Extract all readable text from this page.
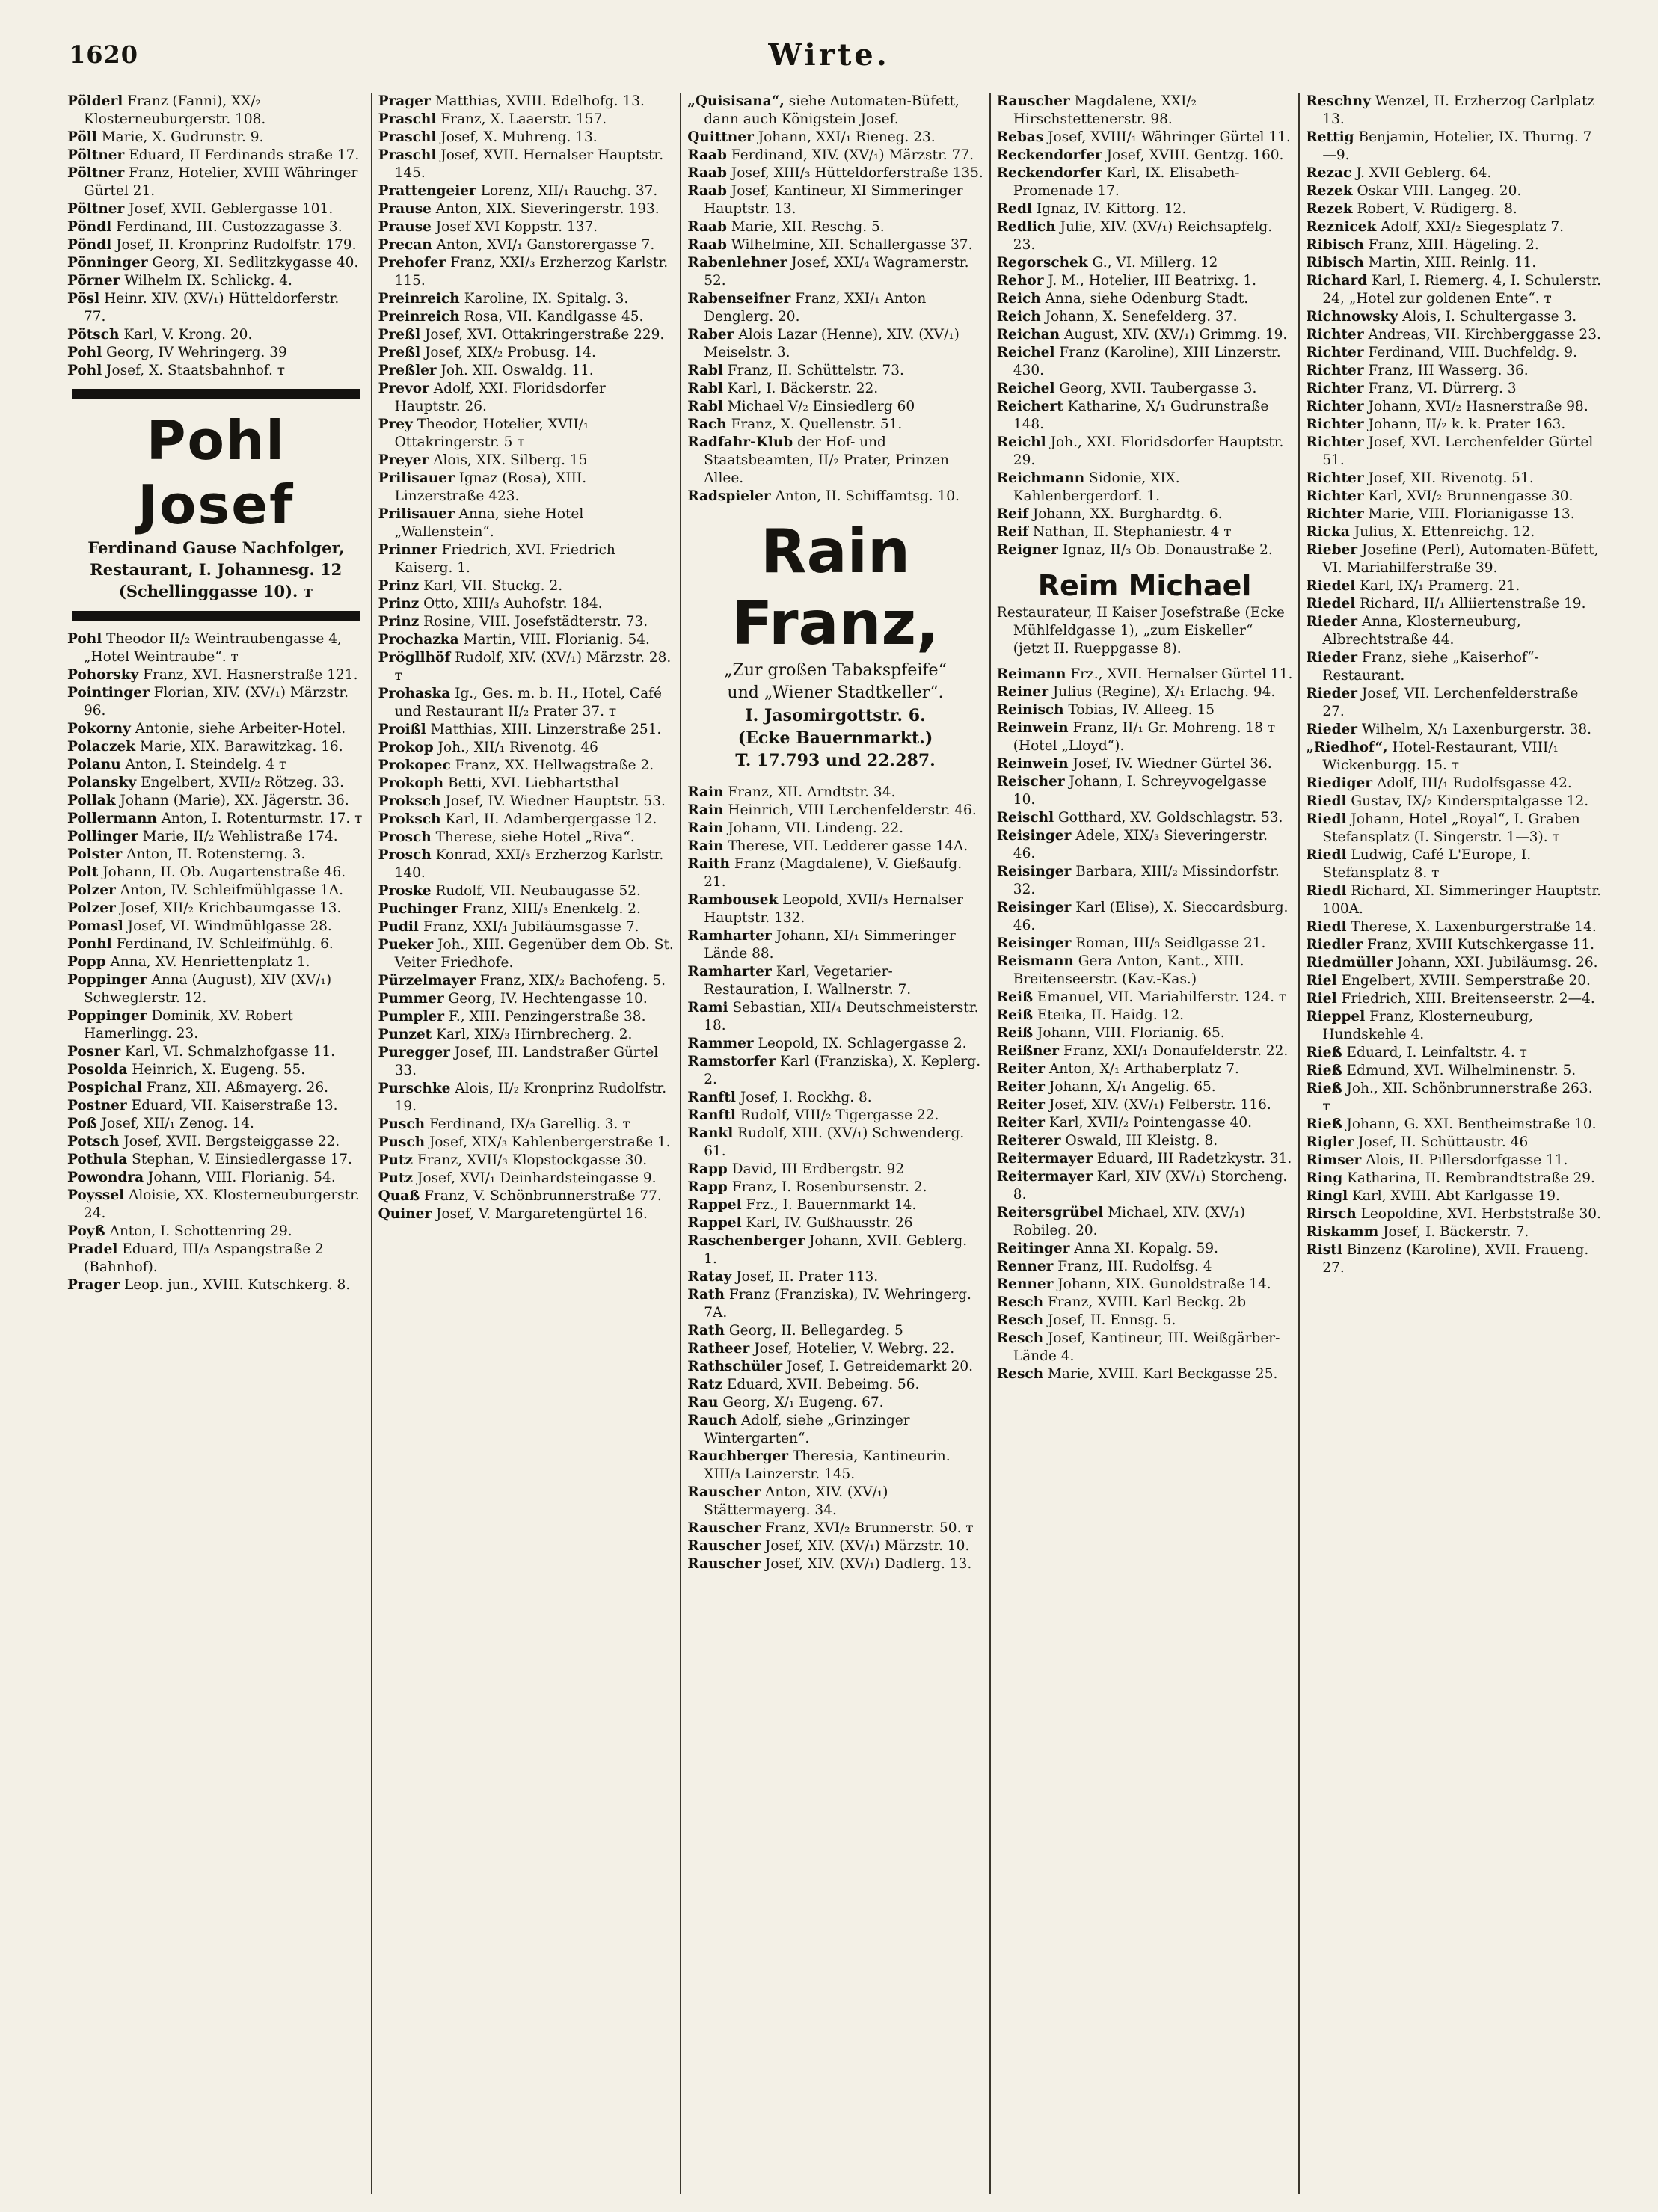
1620	Wirte.

Pölderl Franz (Fanni), XX/₂ Klosterneuburgerstr. 108.

Pöll Marie, X. Gudrunstr. 9.

Pöltner Eduard, II Ferdinands straße 17.

Pöltner Franz, Hotelier, XVIII Währinger Gürtel 21.

Pöltner Josef, XVII. Geblergasse 101.

Pöndl Ferdinand, III. Custozzagasse 3.

Pöndl Josef, II. Kronprinz Rudolfstr. 179.

Pönninger Georg, XI. Sedlitzkygasse 40.

Pörner Wilhelm IX. Schlickg. 4.

Pösl Heinr. XIV. (XV/₁) Hütteldorferstr. 77.

Pötsch Karl, V. Krong. 20.

Pohl Georg, IV Wehringerg. 39

Pohl Josef, X. Staatsbahnhof. ᴛ

Pohl Josef
Ferdinand Gause Nachfolger, Restaurant, I. Johannesg. 12 (Schellinggasse 10). ᴛ

Pohl Theodor II/₂ Weintraubengasse 4, „Hotel Weintraube“. ᴛ

Pohorsky Franz, XVI. Hasnerstraße 121.

Pointinger Florian, XIV. (XV/₁) Märzstr. 96.

Pokorny Antonie, siehe Arbeiter-Hotel.

Polaczek Marie, XIX. Barawitzkag. 16.

Polanu Anton, I. Steindelg. 4 ᴛ

Polansky Engelbert, XVII/₂ Rötzeg. 33.

Pollak Johann (Marie), XX. Jägerstr. 36.

Pollermann Anton, I. Rotenturmstr. 17. ᴛ

Pollinger Marie, II/₂ Wehlistraße 174.

Polster Anton, II. Rotensterng. 3.

Polt Johann, II. Ob. Augartenstraße 46.

Polzer Anton, IV. Schleifmühlgasse 1A.

Polzer Josef, XII/₂ Krichbaumgasse 13.

Pomasl Josef, VI. Windmühlgasse 28.

Ponhl Ferdinand, IV. Schleifmühlg. 6.

Popp Anna, XV. Henriettenplatz 1.

Poppinger Anna (August), XIV (XV/₁) Schweglerstr. 12.

Poppinger Dominik, XV. Robert Hamerlingg. 23.

Posner Karl, VI. Schmalzhofgasse 11.

Posolda Heinrich, X. Eugeng. 55.

Pospichal Franz, XII. Aßmayerg. 26.

Postner Eduard, VII. Kaiserstraße 13.

Poß Josef, XII/₁ Zenog. 14.

Potsch Josef, XVII. Bergsteiggasse 22.

Pothula Stephan, V. Einsiedlergasse 17.

Powondra Johann, VIII. Florianig. 54.

Poyssel Aloisie, XX. Klosterneuburgerstr. 24.

Poyß Anton, I. Schottenring 29.

Pradel Eduard, III/₃ Aspangstraße 2 (Bahnhof).

Prager Leop. jun., XVIII. Kutschkerg. 8.

Prager Matthias, XVIII. Edelhofg. 13.

Praschl Franz, X. Laaerstr. 157.

Praschl Josef, X. Muhreng. 13.

Praschl Josef, XVII. Hernalser Hauptstr. 145.

Prattengeier Lorenz, XII/₁ Rauchg. 37.

Prause Anton, XIX. Sieveringerstr. 193.

Prause Josef XVI Koppstr. 137.

Precan Anton, XVI/₁ Ganstorergasse 7.

Prehofer Franz, XXI/₃ Erzherzog Karlstr. 115.

Preinreich Karoline, IX. Spitalg. 3.

Preinreich Rosa, VII. Kandlgasse 45.

Preßl Josef, XVI. Ottakringerstraße 229.

Preßl Josef, XIX/₂ Probusg. 14.

Preßler Joh. XII. Oswaldg. 11.

Prevor Adolf, XXI. Floridsdorfer Hauptstr. 26.

Prey Theodor, Hotelier, XVII/₁ Ottakringerstr. 5 ᴛ

Preyer Alois, XIX. Silberg. 15

Prilisauer Ignaz (Rosa), XIII. Linzerstraße 423.

Prilisauer Anna, siehe Hotel „Wallenstein“.

Prinner Friedrich, XVI. Friedrich Kaiserg. 1.

Prinz Karl, VII. Stuckg. 2.

Prinz Otto, XIII/₃ Auhofstr. 184.

Prinz Rosine, VIII. Josefstädterstr. 73.

Prochazka Martin, VIII. Florianig. 54.

Prögllhöf Rudolf, XIV. (XV/₁) Märzstr. 28. ᴛ

Prohaska Ig., Ges. m. b. H., Hotel, Café und Restaurant II/₂ Prater 37. ᴛ

Proißl Matthias, XIII. Linzerstraße 251.

Prokop Joh., XII/₁ Rivenotg. 46

Prokopec Franz, XX. Hellwagstraße 2.

Prokoph Betti, XVI. Liebhartsthal

Proksch Josef, IV. Wiedner Hauptstr. 53.

Proksch Karl, II. Adambergergasse 12.

Prosch Therese, siehe Hotel „Riva“.

Prosch Konrad, XXI/₃ Erzherzog Karlstr. 140.

Proske Rudolf, VII. Neubaugasse 52.

Puchinger Franz, XIII/₃ Enenkelg. 2.

Pudil Franz, XXI/₁ Jubiläumsgasse 7.

Pueker Joh., XIII. Gegenüber dem Ob. St. Veiter Friedhofe.

Pürzelmayer Franz, XIX/₂ Bachofeng. 5.

Pummer Georg, IV. Hechtengasse 10.

Pumpler F., XIII. Penzingerstraße 38.

Punzet Karl, XIX/₃ Hirnbrecherg. 2.

Puregger Josef, III. Landstraßer Gürtel 33.

Purschke Alois, II/₂ Kronprinz Rudolfstr. 19.

Pusch Ferdinand, IX/₃ Garellig. 3. ᴛ

Pusch Josef, XIX/₃ Kahlenbergerstraße 1.

Putz Franz, XVII/₃ Klopstockgasse 30.

Putz Josef, XVI/₁ Deinhardsteingasse 9.

Quaß Franz, V. Schönbrunnerstraße 77.

Quiner Josef, V. Margaretengürtel 16.

„Quisisana“, siehe Automaten-Büfett, dann auch Königstein Josef.

Quittner Johann, XXI/₁ Rieneg. 23.

Raab Ferdinand, XIV. (XV/₁) Märzstr. 77.

Raab Josef, XIII/₃ Hütteldorferstraße 135.

Raab Josef, Kantineur, XI Simmeringer Hauptstr. 13.

Raab Marie, XII. Reschg. 5.

Raab Wilhelmine, XII. Schallergasse 37.

Rabenlehner Josef, XXI/₄ Wagramerstr. 52.

Rabenseifner Franz, XXI/₁ Anton Denglerg. 20.

Raber Alois Lazar (Henne), XIV. (XV/₁) Meiselstr. 3.

Rabl Franz, II. Schüttelstr. 73.

Rabl Karl, I. Bäckerstr. 22.

Rabl Michael V/₂ Einsiedlerg 60

Rach Franz, X. Quellenstr. 51.

Radfahr-Klub der Hof- und Staatsbeamten, II/₂ Prater, Prinzen Allee.

Radspieler Anton, II. Schiffamtsg. 10.

Rain Franz,
„Zur großen Tabakspfeife“
und „Wiener Stadtkeller“.
I. Jasomirgottstr. 6.
(Ecke Bauernmarkt.)
T. 17.793 und 22.287.

Rain Franz, XII. Arndtstr. 34.

Rain Heinrich, VIII Lerchenfelderstr. 46.

Rain Johann, VII. Lindeng. 22.

Rain Therese, VII. Ledderer gasse 14A.

Raith Franz (Magdalene), V. Gießaufg. 21.

Rambousek Leopold, XVII/₃ Hernalser Hauptstr. 132.

Ramharter Johann, XI/₁ Simmeringer Lände 88.

Ramharter Karl, Vegetarier-Restauration, I. Wallnerstr. 7.

Rami Sebastian, XII/₄ Deutschmeisterstr. 18.

Rammer Leopold, IX. Schlagergasse 2.

Ramstorfer Karl (Franziska), X. Keplerg. 2.

Ranftl Josef, I. Rockhg. 8.

Ranftl Rudolf, VIII/₂ Tigergasse 22.

Rankl Rudolf, XIII. (XV/₁) Schwenderg. 61.

Rapp David, III Erdbergstr. 92

Rapp Franz, I. Rosenbursenstr. 2.

Rappel Frz., I. Bauernmarkt 14.

Rappel Karl, IV. Gußhausstr. 26

Raschenberger Johann, XVII. Geblerg. 1.

Ratay Josef, II. Prater 113.

Rath Franz (Franziska), IV. Wehringerg. 7A.

Rath Georg, II. Bellegardeg. 5

Ratheer Josef, Hotelier, V. Webrg. 22.

Rathschüler Josef, I. Getreidemarkt 20.

Ratz Eduard, XVII. Bebeimg. 56.

Rau Georg, X/₁ Eugeng. 67.

Rauch Adolf, siehe „Grinzinger Wintergarten“.

Rauchberger Theresia, Kantineurin. XIII/₃ Lainzerstr. 145.

Rauscher Anton, XIV. (XV/₁) Stättermayerg. 34.

Rauscher Franz, XVI/₂ Brunnerstr. 50. ᴛ

Rauscher Josef, XIV. (XV/₁) Märzstr. 10.

Rauscher Josef, XIV. (XV/₁) Dadlerg. 13.

Rauscher Magdalene, XXI/₂ Hirschstettenerstr. 98.

Rebas Josef, XVIII/₁ Währinger Gürtel 11.

Reckendorfer Josef, XVIII. Gentzg. 160.

Reckendorfer Karl, IX. Elisabeth-Promenade 17.

Redl Ignaz, IV. Kittorg. 12.

Redlich Julie, XIV. (XV/₁) Reichsapfelg. 23.

Regorschek G., VI. Millerg. 12

Rehor J. M., Hotelier, III Beatrixg. 1.

Reich Anna, siehe Odenburg Stadt.

Reich Johann, X. Senefelderg. 37.

Reichan August, XIV. (XV/₁) Grimmg. 19.

Reichel Franz (Karoline), XIII Linzerstr. 430.

Reichel Georg, XVII. Taubergasse 3.

Reichert Katharine, X/₁ Gudrunstraße 148.

Reichl Joh., XXI. Floridsdorfer Hauptstr. 29.

Reichmann Sidonie, XIX. Kahlenbergerdorf. 1.

Reif Johann, XX. Burghardtg. 6.

Reif Nathan, II. Stephaniestr. 4 ᴛ

Reigner Ignaz, II/₃ Ob. Donaustraße 2.

Reim Michael
Restaurateur, II Kaiser Josefstraße (Ecke Mühlfeldgasse 1), „zum Eiskeller“ (jetzt II. Rueppgasse 8).

Reimann Frz., XVII. Hernalser Gürtel 11.

Reiner Julius (Regine), X/₁ Erlachg. 94.

Reinisch Tobias, IV. Alleeg. 15

Reinwein Franz, II/₁ Gr. Mohreng. 18 ᴛ (Hotel „Lloyd“).

Reinwein Josef, IV. Wiedner Gürtel 36.

Reischer Johann, I. Schreyvogelgasse 10.

Reischl Gotthard, XV. Goldschlagstr. 53.

Reisinger Adele, XIX/₃ Sieveringerstr. 46.

Reisinger Barbara, XIII/₂ Missindorfstr. 32.

Reisinger Karl (Elise), X. Sieccardsburg. 46.

Reisinger Roman, III/₃ Seidlgasse 21.

Reismann Gera Anton, Kant., XIII. Breitenseerstr. (Kav.-Kas.)

Reiß Emanuel, VII. Mariahilferstr. 124. ᴛ

Reiß Eteika, II. Haidg. 12.

Reiß Johann, VIII. Florianig. 65.

Reißner Franz, XXI/₁ Donaufelderstr. 22.

Reiter Anton, X/₁ Arthaberplatz 7.

Reiter Johann, X/₁ Angelig. 65.

Reiter Josef, XIV. (XV/₁) Felberstr. 116.

Reiter Karl, XVII/₂ Pointengasse 40.

Reiterer Oswald, III Kleistg. 8.

Reitermayer Eduard, III Radetzkystr. 31.

Reitermayer Karl, XIV (XV/₁) Storcheng. 8.

Reitersgrübel Michael, XIV. (XV/₁) Robileg. 20.

Reitinger Anna XI. Kopalg. 59.

Renner Franz, III. Rudolfsg. 4

Renner Johann, XIX. Gunoldstraße 14.

Resch Franz, XVIII. Karl Beckg. 2b

Resch Josef, II. Ennsg. 5.

Resch Josef, Kantineur, III. Weißgärber-Lände 4.

Resch Marie, XVIII. Karl Beckgasse 25.

Reschny Wenzel, II. Erzherzog Carlplatz 13.

Rettig Benjamin, Hotelier, IX. Thurng. 7—9.

Rezac J. XVII Geblerg. 64.

Rezek Oskar VIII. Langeg. 20.

Rezek Robert, V. Rüdigerg. 8.

Reznicek Adolf, XXI/₂ Siegesplatz 7.

Ribisch Franz, XIII. Hägeling. 2.

Ribisch Martin, XIII. Reinlg. 11.

Richard Karl, I. Riemerg. 4, I. Schulerstr. 24, „Hotel zur goldenen Ente“. ᴛ

Richnowsky Alois, I. Schultergasse 3.

Richter Andreas, VII. Kirchberggasse 23.

Richter Ferdinand, VIII. Buchfeldg. 9.

Richter Franz, III Wasserg. 36.

Richter Franz, VI. Dürrerg. 3

Richter Johann, XVI/₂ Hasnerstraße 98.

Richter Johann, II/₂ k. k. Prater 163.

Richter Josef, XVI. Lerchenfelder Gürtel 51.

Richter Josef, XII. Rivenotg. 51.

Richter Karl, XVI/₂ Brunnengasse 30.

Richter Marie, VIII. Florianigasse 13.

Ricka Julius, X. Ettenreichg. 12.

Rieber Josefine (Perl), Automaten-Büfett, VI. Mariahilferstraße 39.

Riedel Karl, IX/₁ Pramerg. 21.

Riedel Richard, II/₁ Alliiertenstraße 19.

Rieder Anna, Klosterneuburg, Albrechtstraße 44.

Rieder Franz, siehe „Kaiserhof“-Restaurant.

Rieder Josef, VII. Lerchenfelderstraße 27.

Rieder Wilhelm, X/₁ Laxenburgerstr. 38.

„Riedhof“, Hotel-Restaurant, VIII/₁ Wickenburgg. 15. ᴛ

Riediger Adolf, III/₁ Rudolfsgasse 42.

Riedl Gustav, IX/₂ Kinderspitalgasse 12.

Riedl Johann, Hotel „Royal“, I. Graben Stefansplatz (I. Singerstr. 1—3). ᴛ

Riedl Ludwig, Café L'Europe, I. Stefansplatz 8. ᴛ

Riedl Richard, XI. Simmeringer Hauptstr. 100A.

Riedl Therese, X. Laxenburgerstraße 14.

Riedler Franz, XVIII Kutschkergasse 11.

Riedmüller Johann, XXI. Jubiläumsg. 26.

Riel Engelbert, XVIII. Semperstraße 20.

Riel Friedrich, XIII. Breitenseerstr. 2—4.

Rieppel Franz, Klosterneuburg, Hundskehle 4.

Rieß Eduard, I. Leinfaltstr. 4. ᴛ

Rieß Edmund, XVI. Wilhelminenstr. 5.

Rieß Joh., XII. Schönbrunnerstraße 263. ᴛ

Rieß Johann, G. XXI. Bentheimstraße 10.

Rigler Josef, II. Schüttaustr. 46

Rimser Alois, II. Pillersdorfgasse 11.

Ring Katharina, II. Rembrandtstraße 29.

Ringl Karl, XVIII. Abt Karlgasse 19.

Rirsch Leopoldine, XVI. Herbststraße 30.

Riskamm Josef, I. Bäckerstr. 7.

Ristl Binzenz (Karoline), XVII. Fraueng. 27.
